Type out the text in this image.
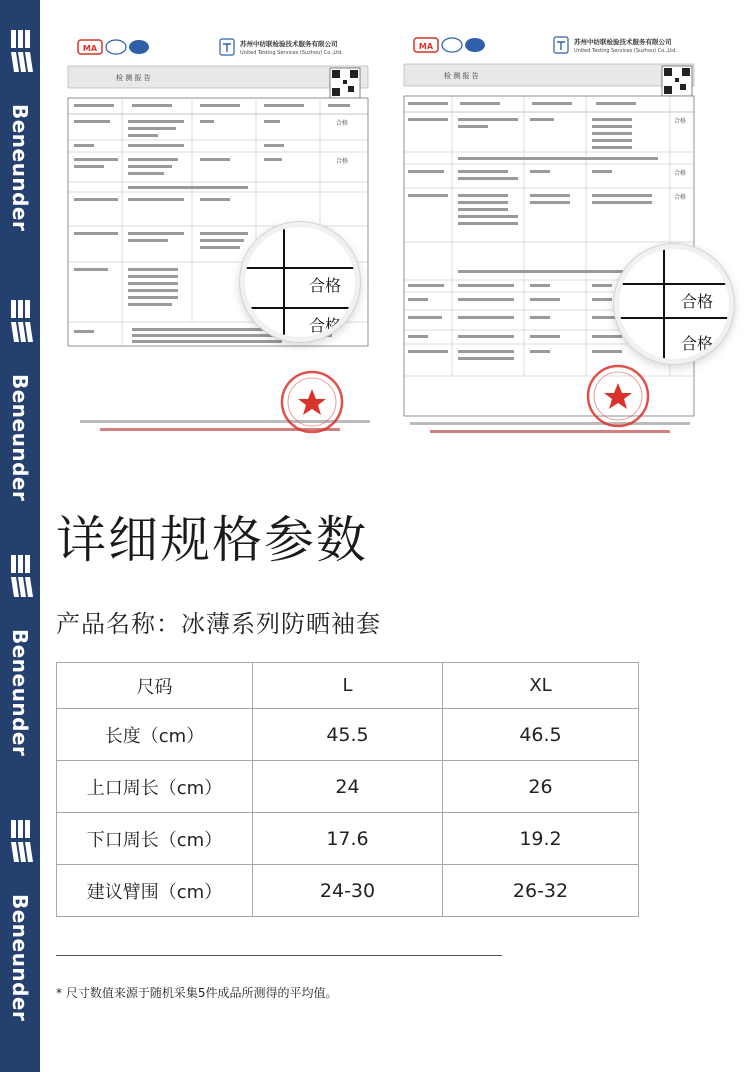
Beneunder
Beneunder
Beneunder
Beneunder
MA	苏州中纺联检验技术服务有限公司
United Testing Services (Suzhou) Co.,Ltd.
检 测 报 告
合格
合格
合格
合格
MA	苏州中纺联检验技术服务有限公司
United Testing Services (Suzhou) Co.,Ltd.
检 测 报 告
合格
合格
合格
合格
合格
详细规格参数
产品名称：冰薄系列防晒袖套
尺码	L	XL
长度（cm）	45.5	46.5
上口周长（cm）	24	26
下口周长（cm）	17.6	19.2
建议臂围（cm）	24-30	26-32
* 尺寸数值来源于随机采集5件成品所测得的平均值。
